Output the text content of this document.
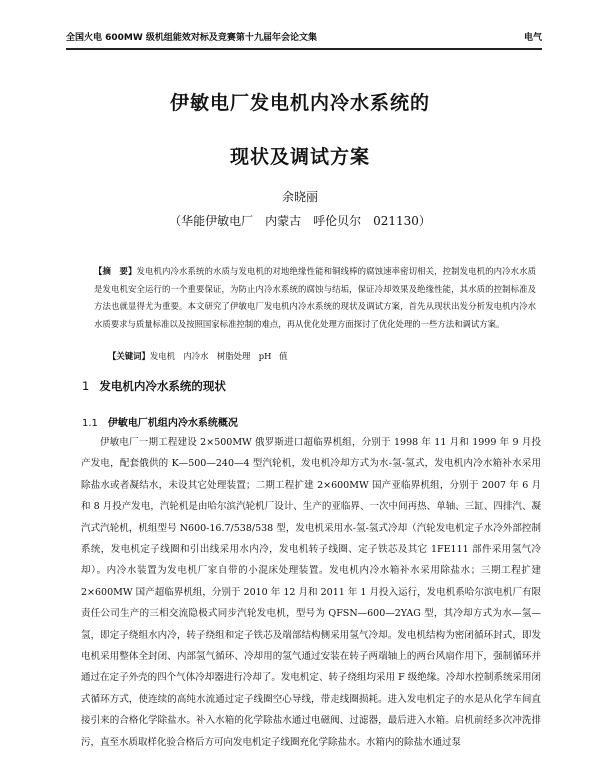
全国火电 600MW 级机组能效对标及竞赛第十九届年会论文集	电气
伊敏电厂发电机内冷水系统的
现状及调试方案
余晓丽
（华能伊敏电厂　内蒙古　呼伦贝尔　021130）
【摘　要】发电机内冷水系统的水质与发电机的对地绝缘性能和铜线棒的腐蚀速率密切相关，控制发电机的内冷水水质是发电机安全运行的一个重要保证，为防止内冷水系统的腐蚀与结垢，保证冷却效果及绝缘性能，其水质的控制标准及方法也就显得尤为重要。本文研究了伊敏电厂发电机内冷水系统的现状及调试方案，首先从现状出发分析发电机内冷水水质要求与质量标准以及按照国家标准控制的难点，再从优化处理方面探讨了优化处理的一些方法和调试方案。
【关键词】发电机　内冷水　树脂处理　pH 值
1 发电机内冷水系统的现状
1.1 伊敏电厂机组内冷水系统概况
伊敏电厂一期工程建设 2×500MW 俄罗斯进口超临界机组，分别于 1998 年 11 月和 1999 年 9 月投产发电，配套俄供的 K—500—240—4 型汽轮机，发电机冷却方式为水-氢-氢式，发电机内冷水箱补水采用除盐水或者凝结水，未设其它处理装置；二期工程扩建 2×600MW 国产亚临界机组，分别于 2007 年 6 月和 8 月投产发电，汽轮机是由哈尔滨汽轮机厂设计、生产的亚临界、一次中间再热、单轴、三缸、四排汽、凝汽式汽轮机，机组型号 N600-16.7/538/538 型，发电机采用水-氢-氢式冷却（汽轮发电机定子水冷外部控制系统，发电机定子线圈和引出线采用水内冷，发电机转子线圈、定子铁芯及其它 1FE111 部件采用氢气冷却）。内冷水装置为发电机厂家自带的小混床处理装置。发电机内冷水箱补水采用除盐水；三期工程扩建 2×600MW 国产超临界机组，分别于 2010 年 12 月和 2011 年 1 月投入运行，发电机系哈尔滨电机厂有限责任公司生产的三相交流隐极式同步汽轮发电机，型号为 QFSN—600—2YAG 型，其冷却方式为水—氢—氢，即定子绕组水内冷，转子绕组和定子铁芯及端部结构侧采用氢气冷却。发电机结构为密闭循环封式，即发电机采用整体全封闭、内部氢气循环、冷却用的氢气通过安装在转子两端轴上的两台风扇作用下，强制循环并通过在定子外壳的四个气体冷却器进行冷却了。发电机定、转子绕组均采用 F 级绝缘。冷却水控制系统采用闭式循环方式，使连续的高纯水流通过定子线圈空心导线，带走线圈损耗。进入发电机定子的水是从化学车间直接引来的合格化学除盐水。补入水箱的化学除盐水通过电磁阀、过滤器，最后进入水箱。启机前经多次冲洗排污，直至水质取样化验合格后方可向发电机定子线圈充化学除盐水。水箱内的除盐水通过泵
